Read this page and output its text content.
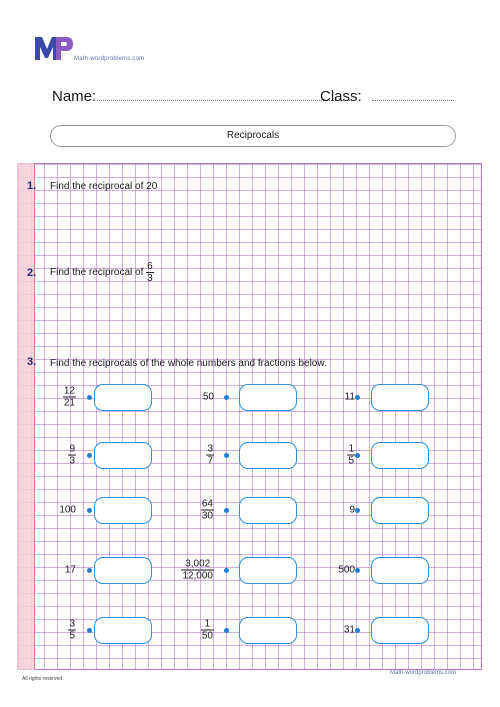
Math-wordproblems.com
Name:	Class:
Reciprocals
1. Find the reciprocal of 20
2. Find the reciprocal of $\frac{6}{3}$
3. Find the reciprocals of the whole numbers and fractions below.
$\frac{12}{21}$	50	11
$\frac{9}{3}$	$\frac{3}{7}$	$\frac{1}{5}$
100	$\frac{64}{30}$	9
17	$\frac{3,002}{12,000}$	500
$\frac{3}{5}$	$\frac{1}{50}$	31
All rights reserved
Math-wordproblems.com
